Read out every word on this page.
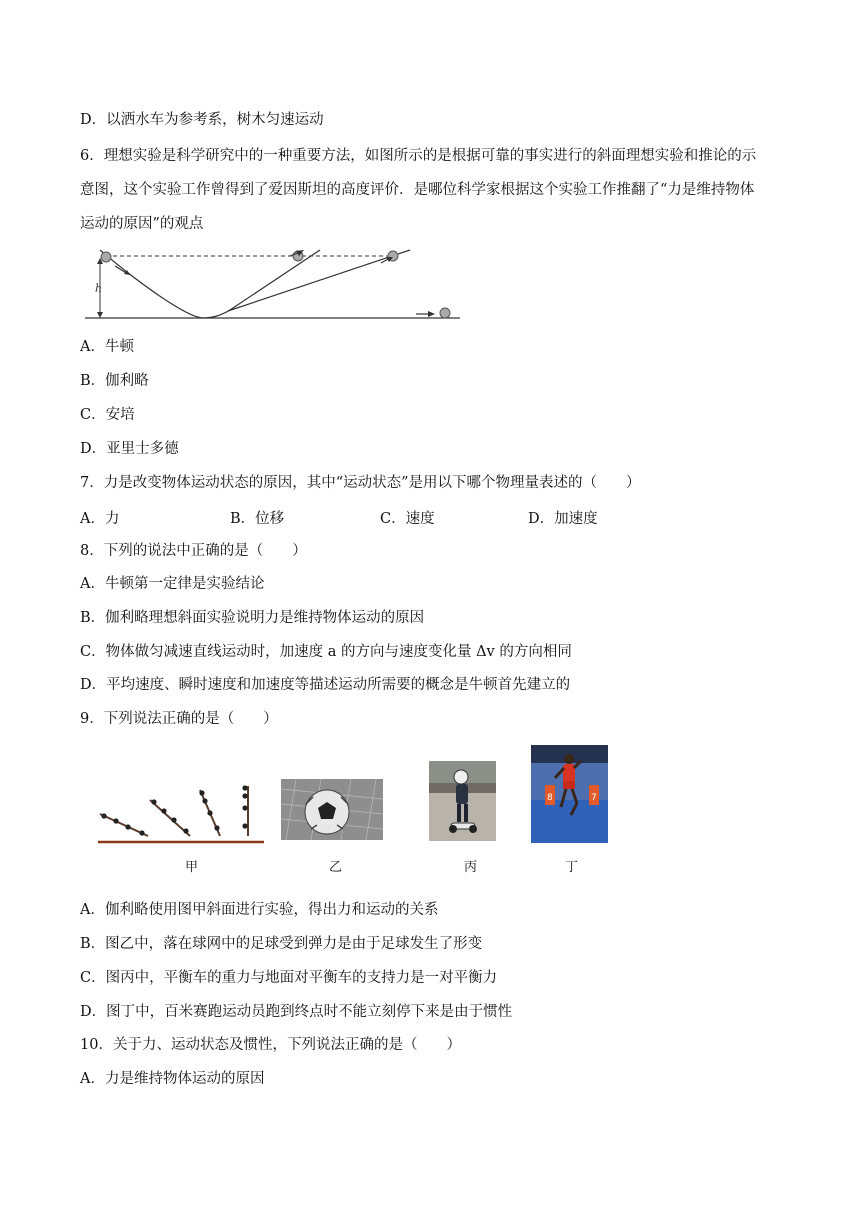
D．以洒水车为参考系，树木匀速运动
6．理想实验是科学研究中的一种重要方法，如图所示的是根据可靠的事实进行的斜面理想实验和推论的示
意图，这个实验工作曾得到了爱因斯坦的高度评价．是哪位科学家根据这个实验工作推翻了“力是维持物体
运动的原因”的观点
h
A．牛顿
B．伽利略
C．安培
D．亚里士多德
7．力是改变物体运动状态的原因，其中“运动状态”是用以下哪个物理量表述的（　　）
A．力	B．位移	C．速度	D．加速度
8．下列的说法中正确的是（　　）
A．牛顿第一定律是实验结论
B．伽利略理想斜面实验说明力是维持物体运动的原因
C．物体做匀减速直线运动时，加速度 a 的方向与速度变化量 Δv 的方向相同
D．平均速度、瞬时速度和加速度等描述运动所需要的概念是牛顿首先建立的
9．下列说法正确的是（　　）
8	7
甲	乙	丙	丁
A．伽利略使用图甲斜面进行实验，得出力和运动的关系
B．图乙中，落在球网中的足球受到弹力是由于足球发生了形变
C．图丙中，平衡车的重力与地面对平衡车的支持力是一对平衡力
D．图丁中，百米赛跑运动员跑到终点时不能立刻停下来是由于惯性
10．关于力、运动状态及惯性，下列说法正确的是（　　）
A．力是维持物体运动的原因
